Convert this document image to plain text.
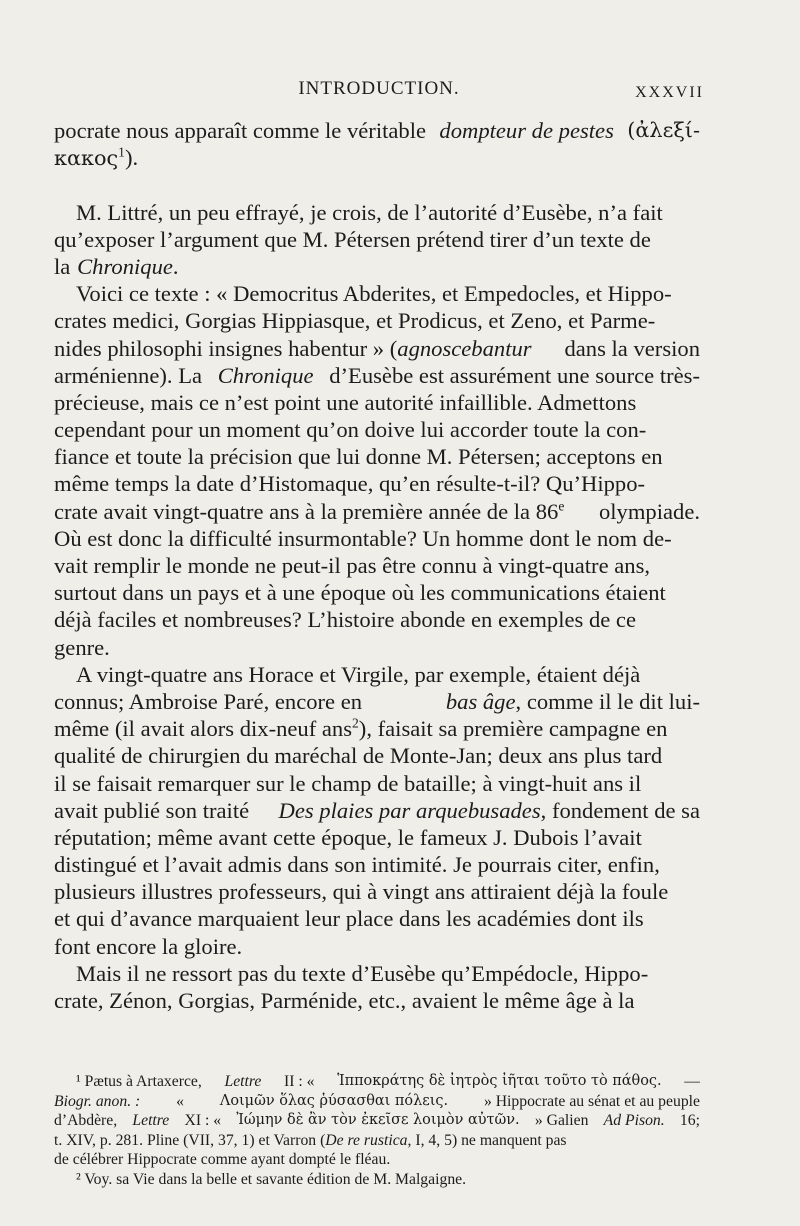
INTRODUCTION.	XXXVII
pocrate nous apparaît comme le véritable dompteur de pestes (ἀλεξί-
κακος$^1$).
M. Littré, un peu effrayé, je crois, de l’autorité d’Eusèbe, n’a fait
qu’exposer l’argument que M. Pétersen prétend tirer d’un texte de
la Chronique.
Voici ce texte : « Democritus Abderites, et Empedocles, et Hippo-
crates medici, Gorgias Hippiasque, et Prodicus, et Zeno, et Parme-
nides philosophi insignes habentur » (agnoscebantur dans la version
arménienne). La Chronique d’Eusèbe est assurément une source très-
précieuse, mais ce n’est point une autorité infaillible. Admettons
cependant pour un moment qu’on doive lui accorder toute la con-
fiance et toute la précision que lui donne M. Pétersen; acceptons en
même temps la date d’Histomaque, qu’en résulte-t-il? Qu’Hippo-
crate avait vingt-quatre ans à la première année de la 86e olympiade.
Où est donc la difficulté insurmontable? Un homme dont le nom de-
vait remplir le monde ne peut-il pas être connu à vingt-quatre ans,
surtout dans un pays et à une époque où les communications étaient
déjà faciles et nombreuses? L’histoire abonde en exemples de ce
genre.
A vingt-quatre ans Horace et Virgile, par exemple, étaient déjà
connus; Ambroise Paré, encore en	bas âge, comme il le dit lui-
même (il avait alors dix-neuf ans$^2$), faisait sa première campagne en
qualité de chirurgien du maréchal de Monte-Jan; deux ans plus tard
il se faisait remarquer sur le champ de bataille; à vingt-huit ans il
avait publié son traité Des plaies par arquebusades, fondement de sa
réputation; même avant cette époque, le fameux J. Dubois l’avait
distingué et l’avait admis dans son intimité. Je pourrais citer, enfin,
plusieurs illustres professeurs, qui à vingt ans attiraient déjà la foule
et qui d’avance marquaient leur place dans les académies dont ils
font encore la gloire.
Mais il ne ressort pas du texte d’Eusèbe qu’Empédocle, Hippo-
crate, Zénon, Gorgias, Parménide, etc., avaient le même âge à la
¹ Pætus à Artaxerce, Lettre II : « Ἱπποκράτης δὲ ἰητρὸς ἰῆται τοῦτο τὸ πάθος. —
Biogr. anon. : « Λοιμῶν ὅλας ῥύσασθαι πόλεις. » Hippocrate au sénat et au peuple
d’Abdère, Lettre XI : « Ἰώμην δὲ ἂν τὸν ἐκεῖσε λοιμὸν αὐτῶν. » Galien Ad Pison. 16;
t. XIV, p. 281. Pline (VII, 37, 1) et Varron (De re rustica, I, 4, 5) ne manquent pas
de célébrer Hippocrate comme ayant dompté le fléau.
² Voy. sa Vie dans la belle et savante édition de M. Malgaigne.
